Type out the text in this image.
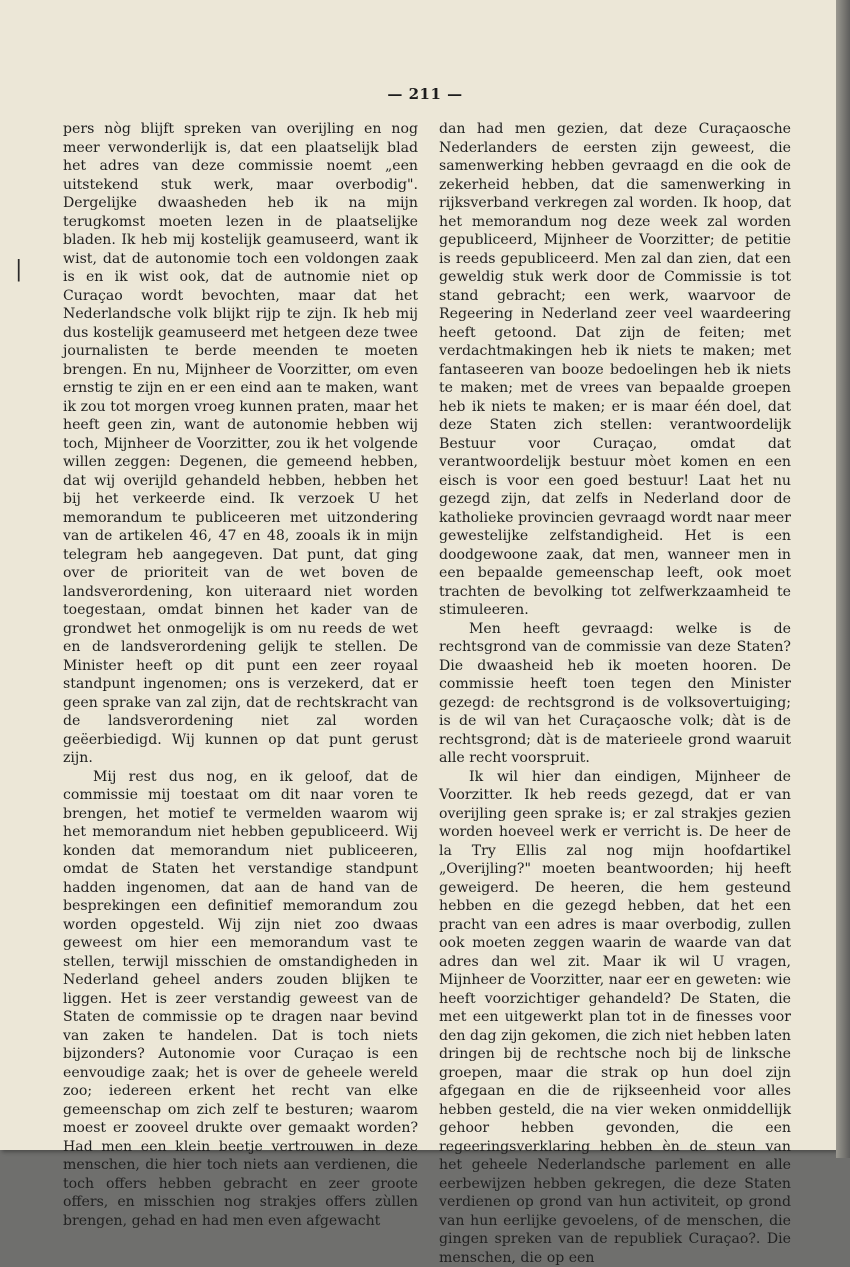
— 211 —
|

pers nòg blijft spreken van overijling en nog meer verwonderlijk is, dat een plaatselijk blad het adres van deze commissie noemt „een uitstekend stuk werk, maar overbodig". Dergelijke dwaasheden heb ik na mijn terugkomst moeten lezen in de plaatselijke bladen. Ik heb mij kostelijk geamuseerd, want ik wist, dat de autonomie toch een voldongen zaak is en ik wist ook, dat de autnomie niet op Curaçao wordt bevochten, maar dat het Nederlandsche volk blijkt rijp te zijn. Ik heb mij dus kostelijk geamuseerd met hetgeen deze twee journalisten te berde meenden te moeten brengen. En nu, Mijnheer de Voorzitter, om even ernstig te zijn en er een eind aan te maken, want ik zou tot morgen vroeg kunnen praten, maar het heeft geen zin, want de autonomie hebben wij toch, Mijnheer de Voorzitter, zou ik het volgende willen zeggen: Degenen, die gemeend hebben, dat wij overijld gehandeld hebben, hebben het bij het verkeerde eind. Ik verzoek U het memorandum te publiceeren met uitzondering van de artikelen 46, 47 en 48, zooals ik in mijn telegram heb aangegeven. Dat punt, dat ging over de prioriteit van de wet boven de landsverordening, kon uiteraard niet worden toegestaan, omdat binnen het kader van de grondwet het onmogelijk is om nu reeds de wet en de landsverordening gelijk te stellen. De Minister heeft op dit punt een zeer royaal standpunt ingenomen; ons is verzekerd, dat er geen sprake van zal zijn, dat de rechtskracht van de landsverordening niet zal worden geëerbiedigd. Wij kunnen op dat punt gerust zijn.

Mij rest dus nog, en ik geloof, dat de commissie mij toestaat om dit naar voren te brengen, het motief te vermelden waarom wij het memorandum niet hebben gepubliceerd. Wij konden dat memorandum niet publiceeren, omdat de Staten het verstandige standpunt hadden ingenomen, dat aan de hand van de besprekingen een definitief memorandum zou worden opgesteld. Wij zijn niet zoo dwaas geweest om hier een memorandum vast te stellen, terwijl misschien de omstandigheden in Nederland geheel anders zouden blijken te liggen. Het is zeer verstandig geweest van de Staten de commissie op te dragen naar bevind van zaken te handelen. Dat is toch niets bijzonders? Autonomie voor Curaçao is een eenvoudige zaak; het is over de geheele wereld zoo; iedereen erkent het recht van elke gemeenschap om zich zelf te besturen; waarom moest er zooveel drukte over gemaakt worden? Had men een klein beetje vertrouwen in deze menschen, die hier toch niets aan verdienen, die toch offers hebben gebracht en zeer groote offers, en misschien nog strakjes offers zùllen brengen, gehad en had men even afgewacht

dan had men gezien, dat deze Curaçaosche Nederlanders de eersten zijn geweest, die samenwerking hebben gevraagd en die ook de zekerheid hebben, dat die samenwerking in rijksverband verkregen zal worden. Ik hoop, dat het memorandum nog deze week zal worden gepubliceerd, Mijnheer de Voorzitter; de petitie is reeds gepubliceerd. Men zal dan zien, dat een geweldig stuk werk door de Commissie is tot stand gebracht; een werk, waarvoor de Regeering in Nederland zeer veel waardeering heeft getoond. Dat zijn de feiten; met verdachtmakingen heb ik niets te maken; met fantaseeren van booze bedoelingen heb ik niets te maken; met de vrees van bepaalde groepen heb ik niets te maken; er is maar één doel, dat deze Staten zich stellen: verantwoordelijk Bestuur voor Curaçao, omdat dat verantwoordelijk bestuur mòet komen en een eisch is voor een goed bestuur! Laat het nu gezegd zijn, dat zelfs in Nederland door de katholieke provincien gevraagd wordt naar meer gewestelijke zelfstandigheid. Het is een doodgewoone zaak, dat men, wanneer men in een bepaalde gemeenschap leeft, ook moet trachten de bevolking tot zelfwerkzaamheid te stimuleeren.

Men heeft gevraagd: welke is de rechtsgrond van de commissie van deze Staten? Die dwaasheid heb ik moeten hooren. De commissie heeft toen tegen den Minister gezegd: de rechtsgrond is de volksovertuiging; is de wil van het Curaçaosche volk; dàt is de rechtsgrond; dàt is de materieele grond waaruit alle recht voorspruit.

Ik wil hier dan eindigen, Mijnheer de Voorzitter. Ik heb reeds gezegd, dat er van overijling geen sprake is; er zal strakjes gezien worden hoeveel werk er verricht is. De heer de la Try Ellis zal nog mijn hoofdartikel „Overijling?" moeten beantwoorden; hij heeft geweigerd. De heeren, die hem gesteund hebben en die gezegd hebben, dat het een pracht van een adres is maar overbodig, zullen ook moeten zeggen waarin de waarde van dat adres dan wel zit. Maar ik wil U vragen, Mijnheer de Voorzitter, naar eer en geweten: wie heeft voorzichtiger gehandeld? De Staten, die met een uitgewerkt plan tot in de finesses voor den dag zijn gekomen, die zich niet hebben laten dringen bij de rechtsche noch bij de linksche groepen, maar die strak op hun doel zijn afgegaan en die de rijkseenheid voor alles hebben gesteld, die na vier weken onmiddellijk gehoor hebben gevonden, die een regeeringsverklaring hebben èn de steun van het geheele Nederlandsche parlement en alle eerbewijzen hebben gekregen, die deze Staten verdienen op grond van hun activiteit, op grond van hun eerlijke gevoelens, of de menschen, die gingen spreken van de republiek Curaçao?. Die menschen, die op een
